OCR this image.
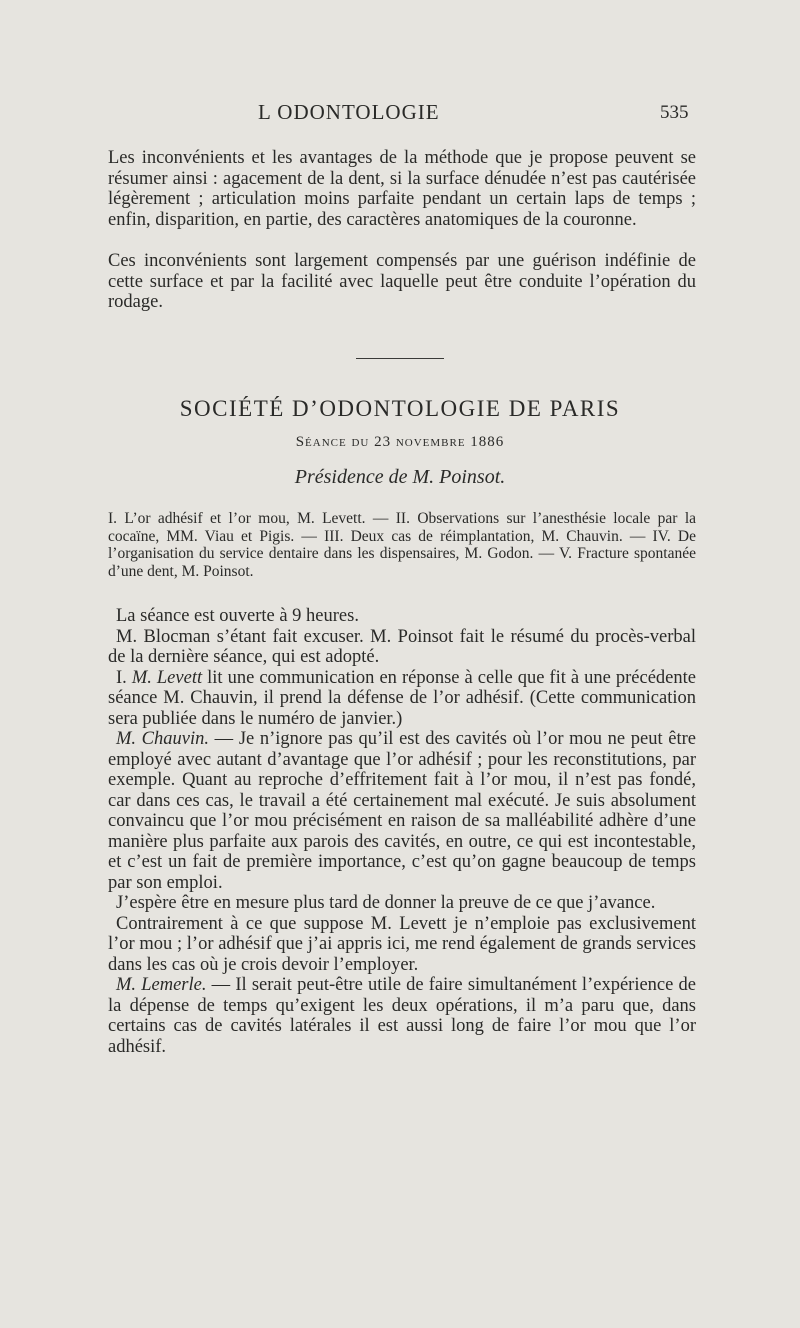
L ODONTOLOGIE	535

Les inconvénients et les avantages de la méthode que je propose peuvent se résumer ainsi : agacement de la dent, si la surface dénudée n’est pas cautérisée légèrement ; articulation moins parfaite pendant un certain laps de temps ; enfin, disparition, en partie, des caractères anatomiques de la couronne.

Ces inconvénients sont largement compensés par une guérison indéfinie de cette surface et par la facilité avec laquelle peut être conduite l’opération du rodage.

SOCIÉTÉ D’ODONTOLOGIE DE PARIS
Séance du 23 novembre 1886
Présidence de M. Poinsot.

I. L’or adhésif et l’or mou, M. Levett. — II. Observations sur l’anesthésie locale par la cocaïne, MM. Viau et Pigis. — III. Deux cas de réimplantation, M. Chauvin. — IV. De l’organisation du service dentaire dans les dispensaires, M. Godon. — V. Fracture spontanée d’une dent, M. Poinsot.

La séance est ouverte à 9 heures.

M. Blocman s’étant fait excuser. M. Poinsot fait le résumé du procès-verbal de la dernière séance, qui est adopté.

I. M. Levett lit une communication en réponse à celle que fit à une précédente séance M. Chauvin, il prend la défense de l’or adhésif. (Cette communication sera publiée dans le numéro de janvier.)

M. Chauvin. — Je n’ignore pas qu’il est des cavités où l’or mou ne peut être employé avec autant d’avantage que l’or adhésif ; pour les reconstitutions, par exemple. Quant au reproche d’effritement fait à l’or mou, il n’est pas fondé, car dans ces cas, le travail a été certainement mal exécuté. Je suis absolument convaincu que l’or mou précisément en raison de sa malléabilité adhère d’une manière plus parfaite aux parois des cavités, en outre, ce qui est incontestable, et c’est un fait de première importance, c’est qu’on gagne beaucoup de temps par son emploi.

J’espère être en mesure plus tard de donner la preuve de ce que j’avance.

Contrairement à ce que suppose M. Levett je n’emploie pas exclusivement l’or mou ; l’or adhésif que j’ai appris ici, me rend également de grands services dans les cas où je crois devoir l’employer.

M. Lemerle. — Il serait peut-être utile de faire simultanément l’expérience de la dépense de temps qu’exigent les deux opérations, il m’a paru que, dans certains cas de cavités latérales il est aussi long de faire l’or mou que l’or adhésif.
